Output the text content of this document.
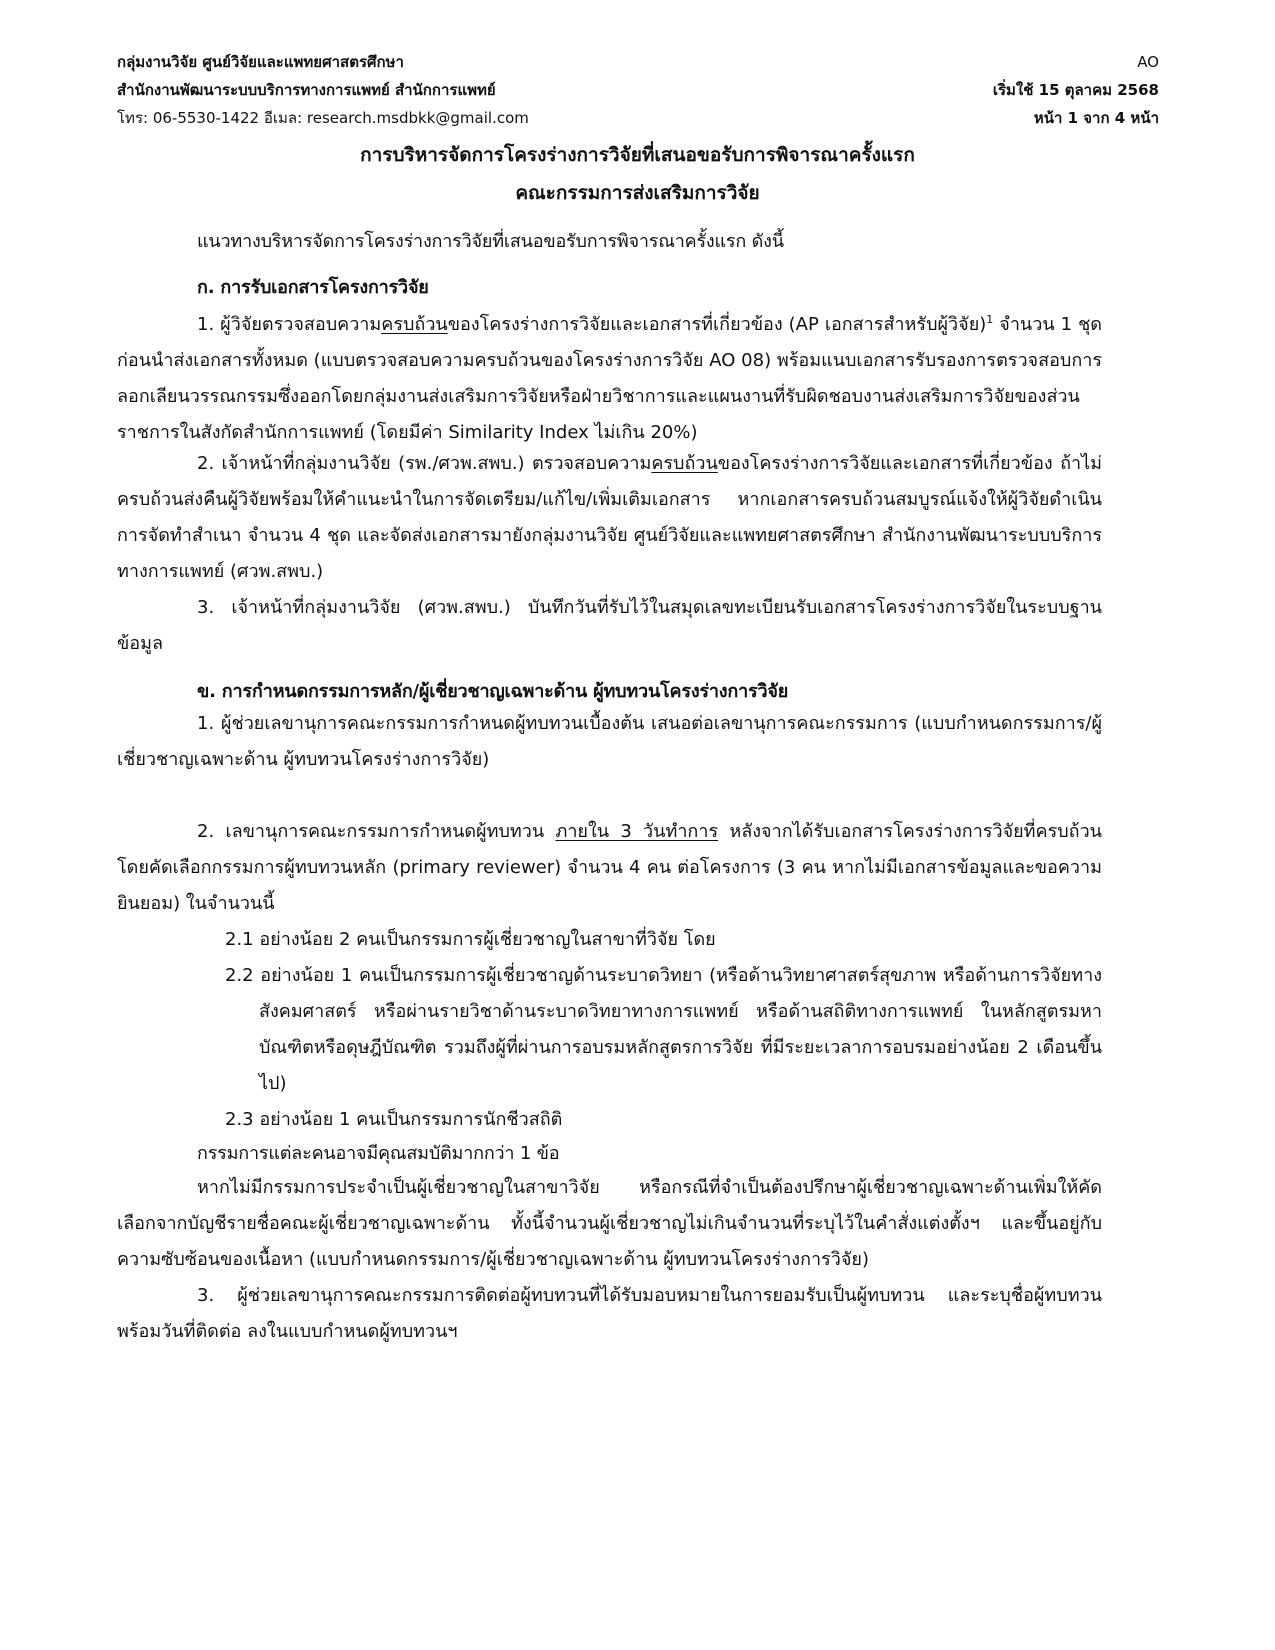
กลุ่มงานวิจัย ศูนย์วิจัยและแพทยศาสตรศึกษา
สำนักงานพัฒนาระบบบริการทางการแพทย์ สำนักการแพทย์
โทร: 06-5530-1422 อีเมล: research.msdbkk@gmail.com
AO
เริ่มใช้ 15 ตุลาคม 2568
หน้า 1 จาก 4 หน้า
การบริหารจัดการโครงร่างการวิจัยที่เสนอขอรับการพิจารณาครั้งแรก
คณะกรรมการส่งเสริมการวิจัย
แนวทางบริหารจัดการโครงร่างการวิจัยที่เสนอขอรับการพิจารณาครั้งแรก ดังนี้
ก. การรับเอกสารโครงการวิจัย
1. ผู้วิจัยตรวจสอบความครบถ้วนของโครงร่างการวิจัยและเอกสารที่เกี่ยวข้อง (AP เอกสารสำหรับผู้วิจัย)$^1$ จำนวน 1 ชุด ก่อนนำส่งเอกสารทั้งหมด (แบบตรวจสอบความครบถ้วนของโครงร่างการวิจัย AO 08) พร้อมแนบเอกสารรับรองการตรวจสอบการลอกเลียนวรรณกรรมซึ่งออกโดยกลุ่มงานส่งเสริมการวิจัยหรือฝ่ายวิชาการและแผนงานที่รับผิดชอบงานส่งเสริมการวิจัยของส่วนราชการในสังกัดสำนักการแพทย์ (โดยมีค่า Similarity Index ไม่เกิน 20%)
2. เจ้าหน้าที่กลุ่มงานวิจัย (รพ./ศวพ.สพบ.) ตรวจสอบความครบถ้วนของโครงร่างการวิจัยและเอกสารที่เกี่ยวข้อง ถ้าไม่ครบถ้วนส่งคืนผู้วิจัยพร้อมให้คำแนะนำในการจัดเตรียม/แก้ไข/เพิ่มเติมเอกสาร หากเอกสารครบถ้วนสมบูรณ์แจ้งให้ผู้วิจัยดำเนินการจัดทำสำเนา จำนวน 4 ชุด และจัดส่งเอกสารมายังกลุ่มงานวิจัย ศูนย์วิจัยและแพทยศาสตรศึกษา สำนักงานพัฒนาระบบบริการทางการแพทย์ (ศวพ.สพบ.)
3. เจ้าหน้าที่กลุ่มงานวิจัย (ศวพ.สพบ.) บันทึกวันที่รับไว้ในสมุดเลขทะเบียนรับเอกสารโครงร่างการวิจัยในระบบฐานข้อมูล
ข. การกำหนดกรรมการหลัก/ผู้เชี่ยวชาญเฉพาะด้าน ผู้ทบทวนโครงร่างการวิจัย
1. ผู้ช่วยเลขานุการคณะกรรมการกำหนดผู้ทบทวนเบื้องต้น เสนอต่อเลขานุการคณะกรรมการ (แบบกำหนดกรรมการ/ผู้เชี่ยวชาญเฉพาะด้าน ผู้ทบทวนโครงร่างการวิจัย)
2. เลขานุการคณะกรรมการกำหนดผู้ทบทวน ภายใน 3 วันทำการ หลังจากได้รับเอกสารโครงร่างการวิจัยที่ครบถ้วน โดยคัดเลือกกรรมการผู้ทบทวนหลัก (primary reviewer) จำนวน 4 คน ต่อโครงการ (3 คน หากไม่มีเอกสารข้อมูลและขอความยินยอม) ในจำนวนนี้
2.1 อย่างน้อย 2 คนเป็นกรรมการผู้เชี่ยวชาญในสาขาที่วิจัย โดย
2.2 อย่างน้อย 1 คนเป็นกรรมการผู้เชี่ยวชาญด้านระบาดวิทยา (หรือด้านวิทยาศาสตร์สุขภาพ หรือด้านการวิจัยทางสังคมศาสตร์ หรือผ่านรายวิชาด้านระบาดวิทยาทางการแพทย์ หรือด้านสถิติทางการแพทย์ ในหลักสูตรมหาบัณฑิตหรือดุษฎีบัณฑิต รวมถึงผู้ที่ผ่านการอบรมหลักสูตรการวิจัย ที่มีระยะเวลาการอบรมอย่างน้อย 2 เดือนขึ้นไป)
2.3 อย่างน้อย 1 คนเป็นกรรมการนักชีวสถิติ
กรรมการแต่ละคนอาจมีคุณสมบัติมากกว่า 1 ข้อ
หากไม่มีกรรมการประจำเป็นผู้เชี่ยวชาญในสาขาวิจัย หรือกรณีที่จำเป็นต้องปรึกษาผู้เชี่ยวชาญเฉพาะด้านเพิ่มให้คัดเลือกจากบัญชีรายชื่อคณะผู้เชี่ยวชาญเฉพาะด้าน ทั้งนี้จำนวนผู้เชี่ยวชาญไม่เกินจำนวนที่ระบุไว้ในคำสั่งแต่งตั้งฯ และขึ้นอยู่กับความซับซ้อนของเนื้อหา (แบบกำหนดกรรมการ/ผู้เชี่ยวชาญเฉพาะด้าน ผู้ทบทวนโครงร่างการวิจัย)
3. ผู้ช่วยเลขานุการคณะกรรมการติดต่อผู้ทบทวนที่ได้รับมอบหมายในการยอมรับเป็นผู้ทบทวน และระบุชื่อผู้ทบทวนพร้อมวันที่ติดต่อ ลงในแบบกำหนดผู้ทบทวนฯ
